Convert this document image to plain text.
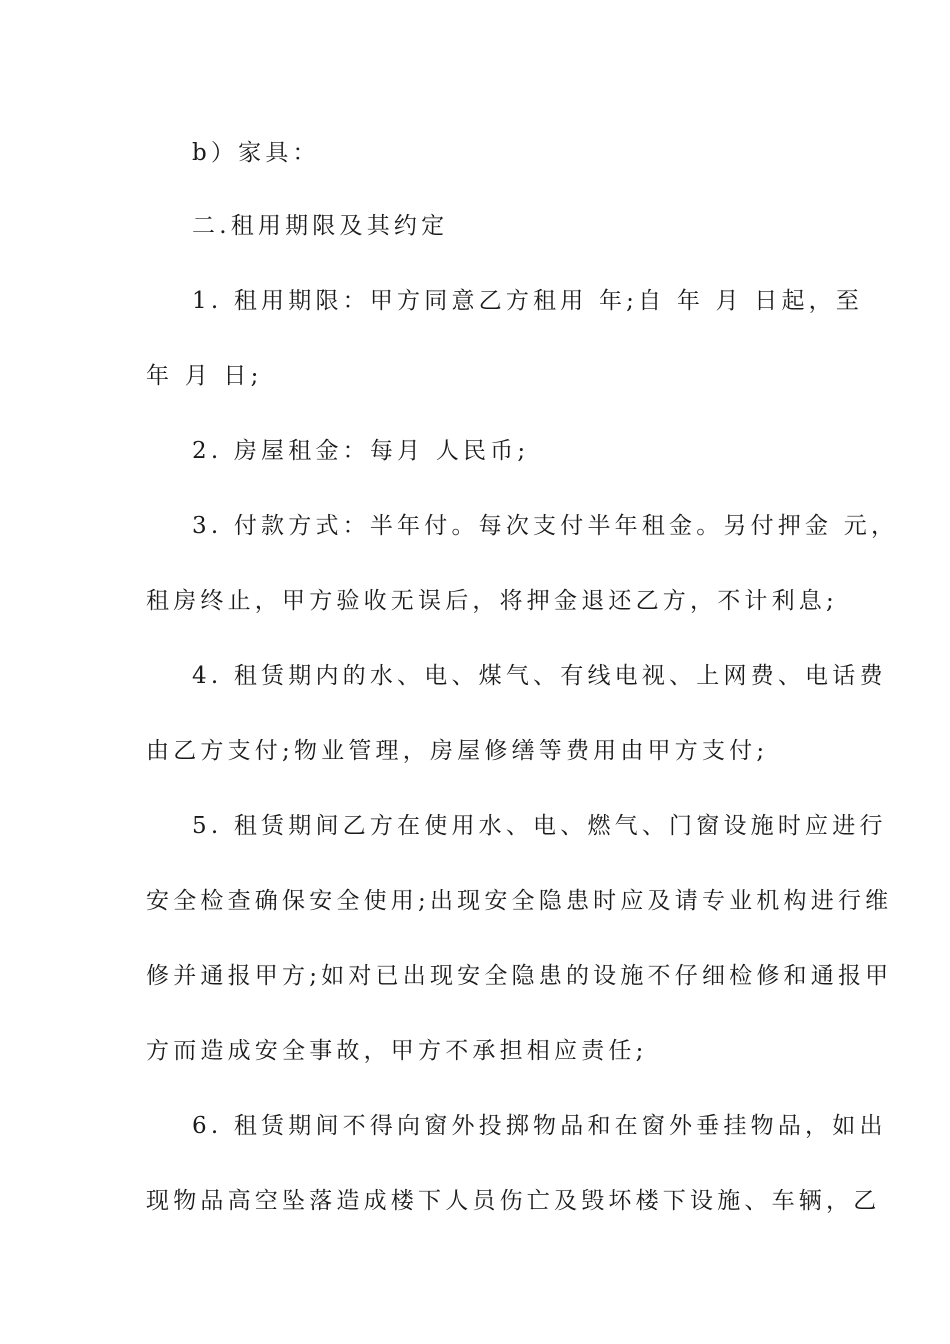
b）家具：
二.租用期限及其约定
1. 租用期限：甲方同意乙方租用 年;自 年 月 日起，至
年 月 日;
2. 房屋租金：每月 人民币;
3. 付款方式：半年付。每次支付半年租金。另付押金 元，
租房终止，甲方验收无误后，将押金退还乙方，不计利息;
4. 租赁期内的水、电、煤气、有线电视、上网费、电话费
由乙方支付;物业管理，房屋修缮等费用由甲方支付;
5. 租赁期间乙方在使用水、电、燃气、门窗设施时应进行
安全检查确保安全使用;出现安全隐患时应及请专业机构进行维
修并通报甲方;如对已出现安全隐患的设施不仔细检修和通报甲
方而造成安全事故，甲方不承担相应责任;
6. 租赁期间不得向窗外投掷物品和在窗外垂挂物品，如出
现物品高空坠落造成楼下人员伤亡及毁坏楼下设施、车辆，乙
